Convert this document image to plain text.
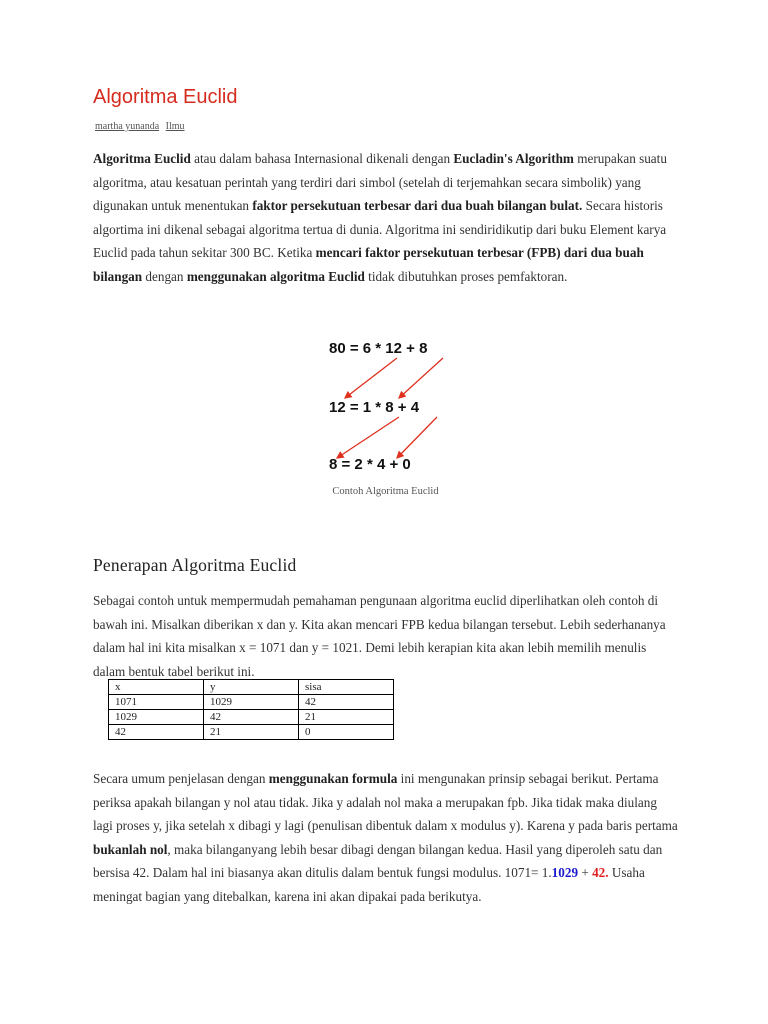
Algoritma Euclid
martha yunanda Ilmu

Algoritma Euclid atau dalam bahasa Internasional dikenali dengan Eucladin's Algorithm merupakan suatu algoritma, atau kesatuan perintah yang terdiri dari simbol (setelah di terjemahkan secara simbolik) yang digunakan untuk menentukan faktor persekutuan terbesar dari dua buah bilangan bulat. Secara historis algortima ini dikenal sebagai algoritma tertua di dunia. Algoritma ini sendiridikutip dari buku Element karya Euclid pada tahun sekitar 300 BC. Ketika mencari faktor persekutuan terbesar (FPB) dari dua buah bilangan dengan menggunakan algoritma Euclid tidak dibutuhkan proses pemfaktoran.

80 = 6 * 12 + 8
12 = 1 * 8 + 4
8 = 2 * 4 + 0
Contoh Algoritma Euclid
Penerapan Algoritma Euclid

Sebagai contoh untuk mempermudah pemahaman pengunaan algoritma euclid diperlihatkan oleh contoh di bawah ini. Misalkan diberikan x dan y. Kita akan mencari FPB kedua bilangan tersebut. Lebih sederhananya dalam hal ini kita misalkan x = 1071 dan y = 1021. Demi lebih kerapian kita akan lebih memilih menulis dalam bentuk tabel berikut ini.

x	y	sisa
1071	1029	42
1029	42	21
42	21	0

Secara umum penjelasan dengan menggunakan formula ini mengunakan prinsip sebagai berikut. Pertama periksa apakah bilangan y nol atau tidak. Jika y adalah nol maka a merupakan fpb. Jika tidak maka diulang lagi proses y, jika setelah x dibagi y lagi (penulisan dibentuk dalam x modulus y). Karena y pada baris pertama bukanlah nol, maka bilanganyang lebih besar dibagi dengan bilangan kedua. Hasil yang diperoleh satu dan bersisa 42. Dalam hal ini biasanya akan ditulis dalam bentuk fungsi modulus. 1071= 1.1029 + 42. Usaha meningat bagian yang ditebalkan, karena ini akan dipakai pada berikutya.
